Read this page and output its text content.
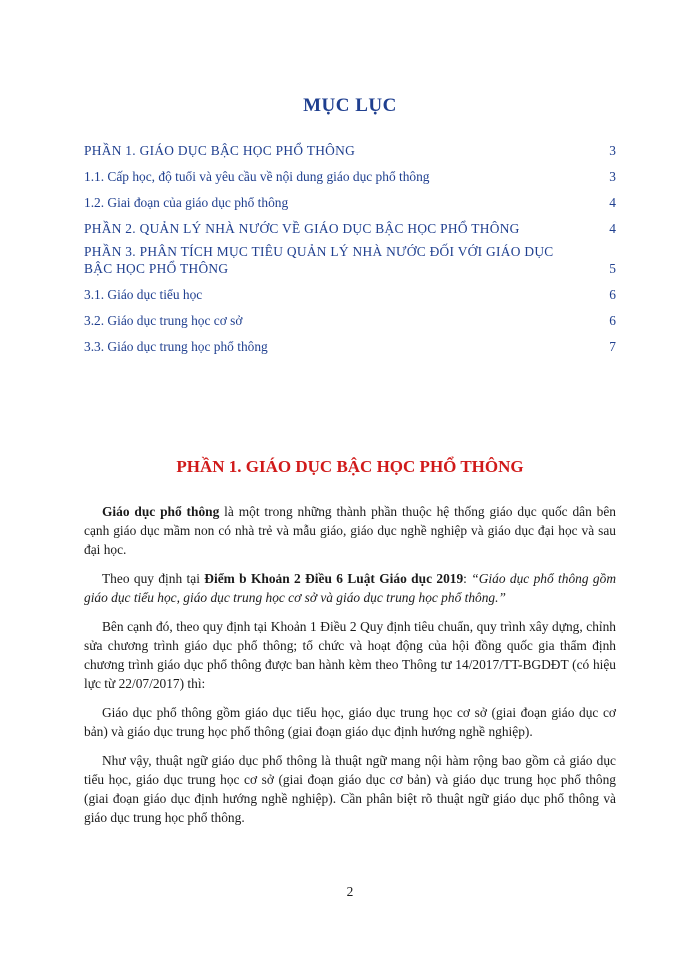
MỤC LỤC
PHẦN 1. GIÁO DỤC BẬC HỌC PHỔ THÔNG	3
1.1. Cấp học, độ tuổi và yêu cầu về nội dung giáo dục phổ thông	3
1.2. Giai đoạn của giáo dục phổ thông	4
PHẦN 2. QUẢN LÝ NHÀ NƯỚC VỀ GIÁO DỤC BẬC HỌC PHỔ THÔNG	4
PHẦN 3. PHÂN TÍCH MỤC TIÊU QUẢN LÝ NHÀ NƯỚC ĐỐI VỚI GIÁO DỤC BẬC HỌC PHỔ THÔNG	5
3.1. Giáo dục tiểu học	6
3.2. Giáo dục trung học cơ sở	6
3.3. Giáo dục trung học phổ thông	7
PHẦN 1. GIÁO DỤC BẬC HỌC PHỔ THÔNG

Giáo dục phổ thông là một trong những thành phần thuộc hệ thống giáo dục quốc dân bên cạnh giáo dục mầm non có nhà trẻ và mẫu giáo, giáo dục nghề nghiệp và giáo dục đại học và sau đại học.

Theo quy định tại Điểm b Khoản 2 Điều 6 Luật Giáo dục 2019: “Giáo dục phổ thông gồm giáo dục tiểu học, giáo dục trung học cơ sở và giáo dục trung học phổ thông.”

Bên cạnh đó, theo quy định tại Khoản 1 Điều 2 Quy định tiêu chuẩn, quy trình xây dựng, chỉnh sửa chương trình giáo dục phổ thông; tổ chức và hoạt động của hội đồng quốc gia thẩm định chương trình giáo dục phổ thông được ban hành kèm theo Thông tư 14/2017/TT-BGDĐT (có hiệu lực từ 22/07/2017) thì:

Giáo dục phổ thông gồm giáo dục tiểu học, giáo dục trung học cơ sở (giai đoạn giáo dục cơ bản) và giáo dục trung học phổ thông (giai đoạn giáo dục định hướng nghề nghiệp).

Như vậy, thuật ngữ giáo dục phổ thông là thuật ngữ mang nội hàm rộng bao gồm cả giáo dục tiểu học, giáo dục trung học cơ sở (giai đoạn giáo dục cơ bản) và giáo dục trung học phổ thông (giai đoạn giáo dục định hướng nghề nghiệp). Cần phân biệt rõ thuật ngữ giáo dục phổ thông và giáo dục trung học phổ thông.

2
